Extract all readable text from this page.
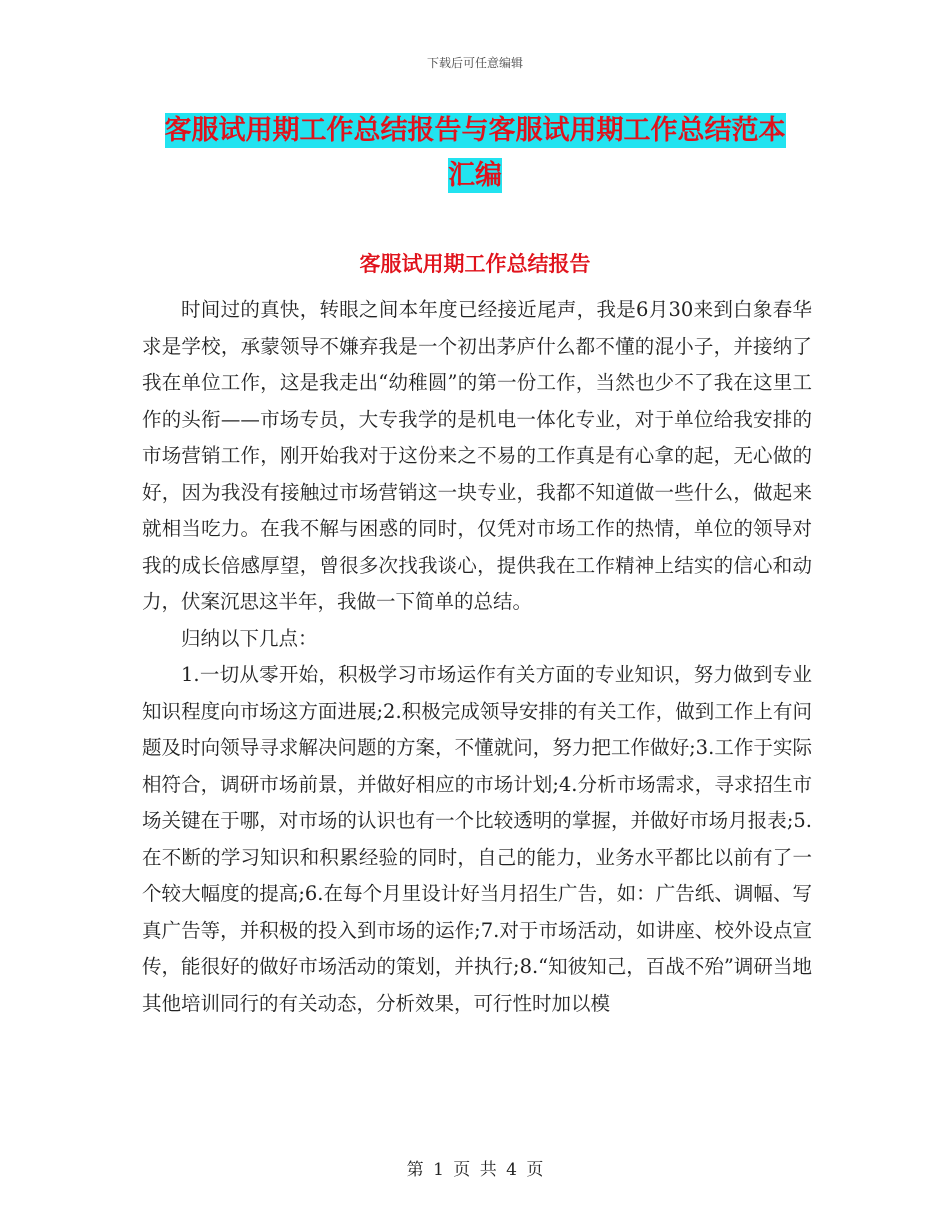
下载后可任意编辑
客服试用期工作总结报告与客服试用期工作总结范本
汇编
客服试用期工作总结报告

时间过的真快，转眼之间本年度已经接近尾声，我是6月30来到白象春华求是学校，承蒙领导不嫌弃我是一个初出茅庐什么都不懂的混小子，并接纳了我在单位工作，这是我走出“幼稚圆”的第一份工作，当然也少不了我在这里工作的头衔——市场专员，大专我学的是机电一体化专业，对于单位给我安排的市场营销工作，刚开始我对于这份来之不易的工作真是有心拿的起，无心做的好，因为我没有接触过市场营销这一块专业，我都不知道做一些什么，做起来就相当吃力。在我不解与困惑的同时，仅凭对市场工作的热情，单位的领导对我的成长倍感厚望，曾很多次找我谈心，提供我在工作精神上结实的信心和动力，伏案沉思这半年，我做一下简单的总结。

归纳以下几点：

1.一切从零开始，积极学习市场运作有关方面的专业知识，努力做到专业知识程度向市场这方面进展;2.积极完成领导安排的有关工作，做到工作上有问题及时向领导寻求解决问题的方案，不懂就问，努力把工作做好;3.工作于实际相符合，调研市场前景，并做好相应的市场计划;4.分析市场需求，寻求招生市场关键在于哪，对市场的认识也有一个比较透明的掌握，并做好市场月报表;5.在不断的学习知识和积累经验的同时，自己的能力，业务水平都比以前有了一个较大幅度的提高;6.在每个月里设计好当月招生广告，如：广告纸、调幅、写真广告等，并积极的投入到市场的运作;7.对于市场活动，如讲座、校外设点宣传，能很好的做好市场活动的策划，并执行;8.“知彼知己，百战不殆”调研当地其他培训同行的有关动态，分析效果，可行性时加以模

第 1 页 共 4 页
